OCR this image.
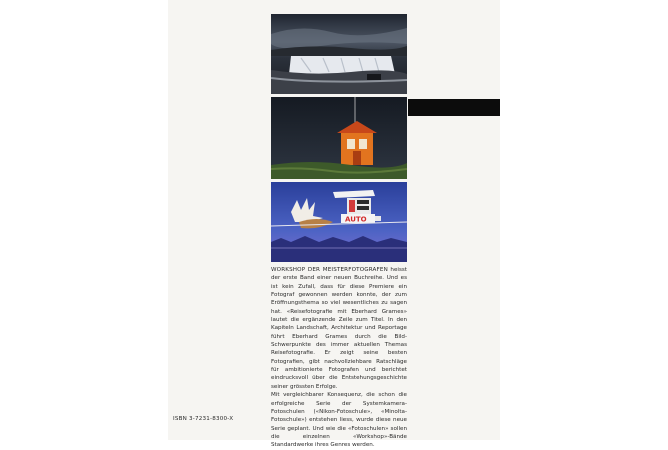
AUTO

WORKSHOP DER MEISTERFOTOGRAFEN heisst der erste Band einer neuen Buchreihe. Und es ist kein Zufall, dass für diese Premiere ein Fotograf gewonnen werden konnte, der zum Eröffnungsthema so viel wesentliches zu sagen hat. «Reisefotografie mit Eberhard Grames» lautet die ergänzende Zeile zum Titel. In den Kapiteln Landschaft, Architektur und Reportage führt Eberhard Grames durch die Bild-Schwerpunkte des immer aktuellen Themas Reisefotografie. Er zeigt seine besten Fotografien, gibt nachvollziehbare Ratschläge für ambitionierte Fotografen und berichtet eindrucksvoll über die Entstehungsgeschichte seiner grössten Erfolge.

Mit vergleichbarer Konsequenz, die schon die erfolgreiche Serie der Systemkamera-Fotoschulen («Nikon-Fotoschule», «Minolta-Fotoschule») entstehen liess, wurde diese neue Serie geplant. Und wie die «Fotoschulen» sollen die einzelnen «Workshop»-Bände Standardwerke ihres Genres werden.

ISBN 3-7231-8300-X
